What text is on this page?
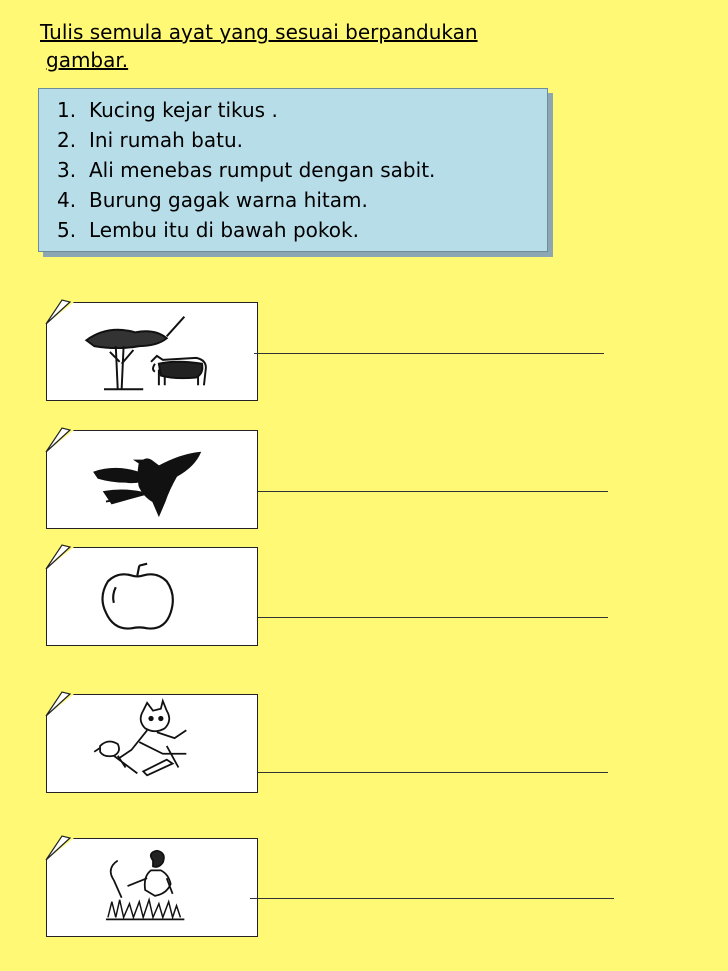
Tulis semula ayat yang sesuai berpandukan
gambar.
1. Kucing kejar tikus .
2. Ini rumah batu.
3. Ali menebas rumput dengan sabit.
4. Burung gagak warna hitam.
5. Lembu itu di bawah pokok.
